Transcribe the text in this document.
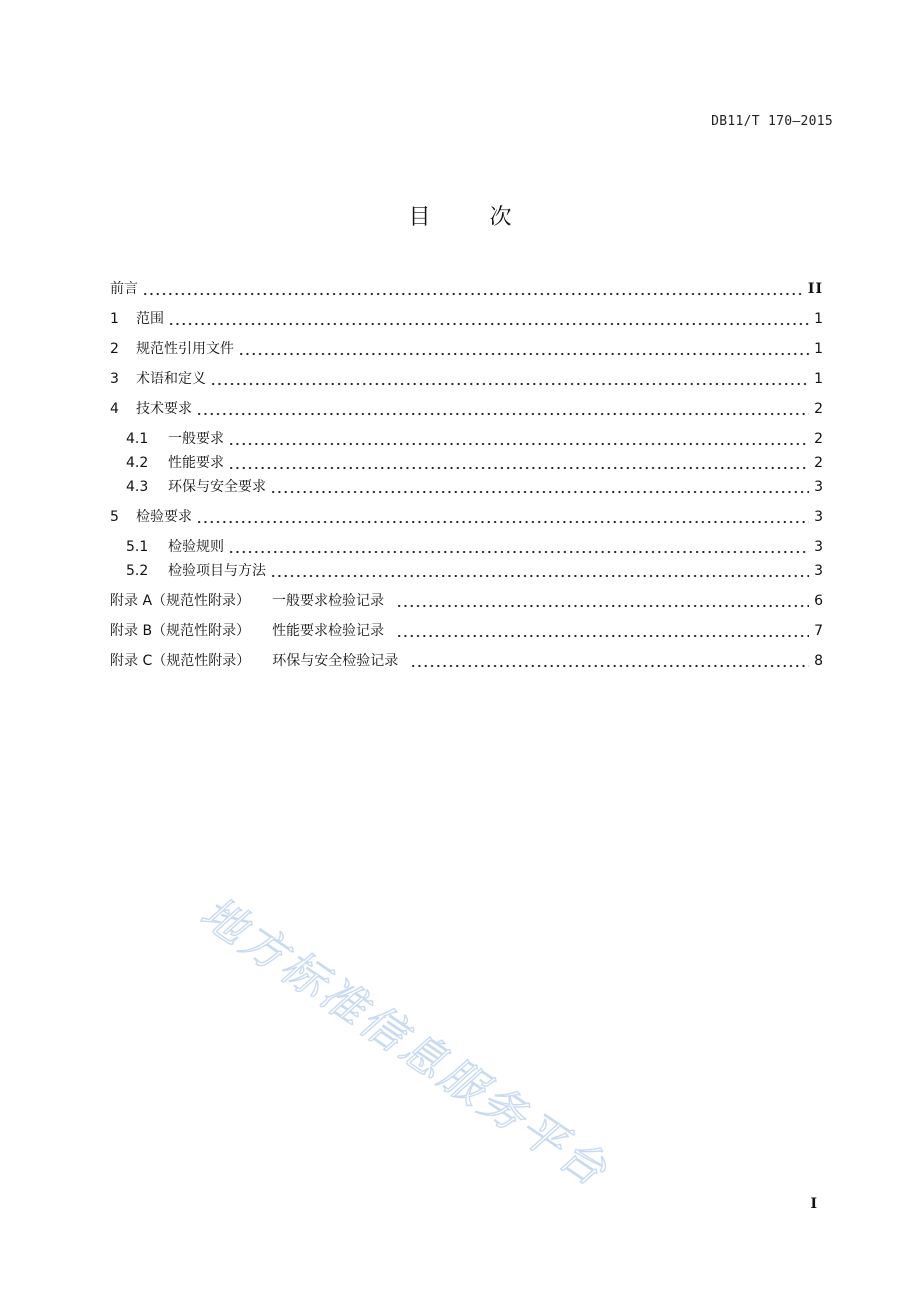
DB11/T 170—2015
目 次
前言	II
1	范围	1
2	规范性引用文件	1
3	术语和定义	1
4	技术要求	2
4.1	一般要求	2
4.2	性能要求	2
4.3	环保与安全要求	3
5	检验要求	3
5.1	检验规则	3
5.2	检验项目与方法	3
附录 A（规范性附录） 一般要求检验记录	6
附录 B（规范性附录） 性能要求检验记录	7
附录 C（规范性附录） 环保与安全检验记录	8
地方标准信息服务平台
I
